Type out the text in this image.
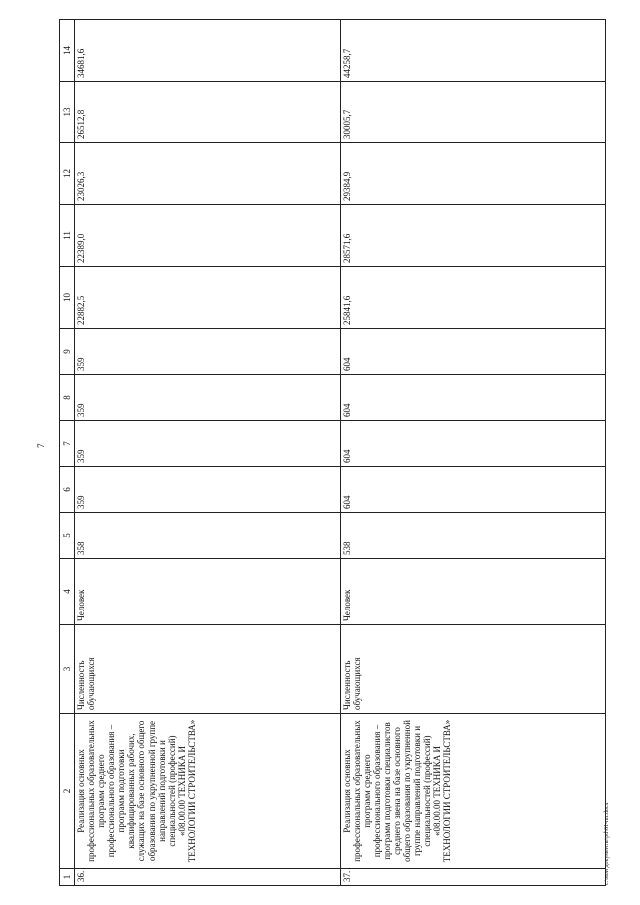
7
1	2	3	4	5	6	7	8	9	10	11	12	13	14
36.	Реализация основных профессиональных образовательных программ среднего профессионального образования – программ подготовки квалифицированных рабочих, служащих на базе основного общего образования по укрупненной группе направлений подготовки и специальностей (профессий) «08.00.00 ТЕХНИКА И ТЕХНОЛОГИИ СТРОИТЕЛЬСТВА»	Численность обучающихся	Человек	358	359	359	359	359	22882,5	22389,0	23026,3	26512,8	34681,6
37.	Реализация основных профессиональных образовательных программ среднего профессионального образования – программ подготовки специалистов среднего звена на базе основного общего образования по укрупненной группе направлений подготовки и специальностей (профессий) «08.00.00 ТЕХНИКА И ТЕХНОЛОГИИ СТРОИТЕЛЬСТВА»	Численность обучающихся	Человек	538	604	604	604	604	25841,6	28571,6	29384,9	30005,7	44258,7
c:\мои документы\pd\61-пп.docx
